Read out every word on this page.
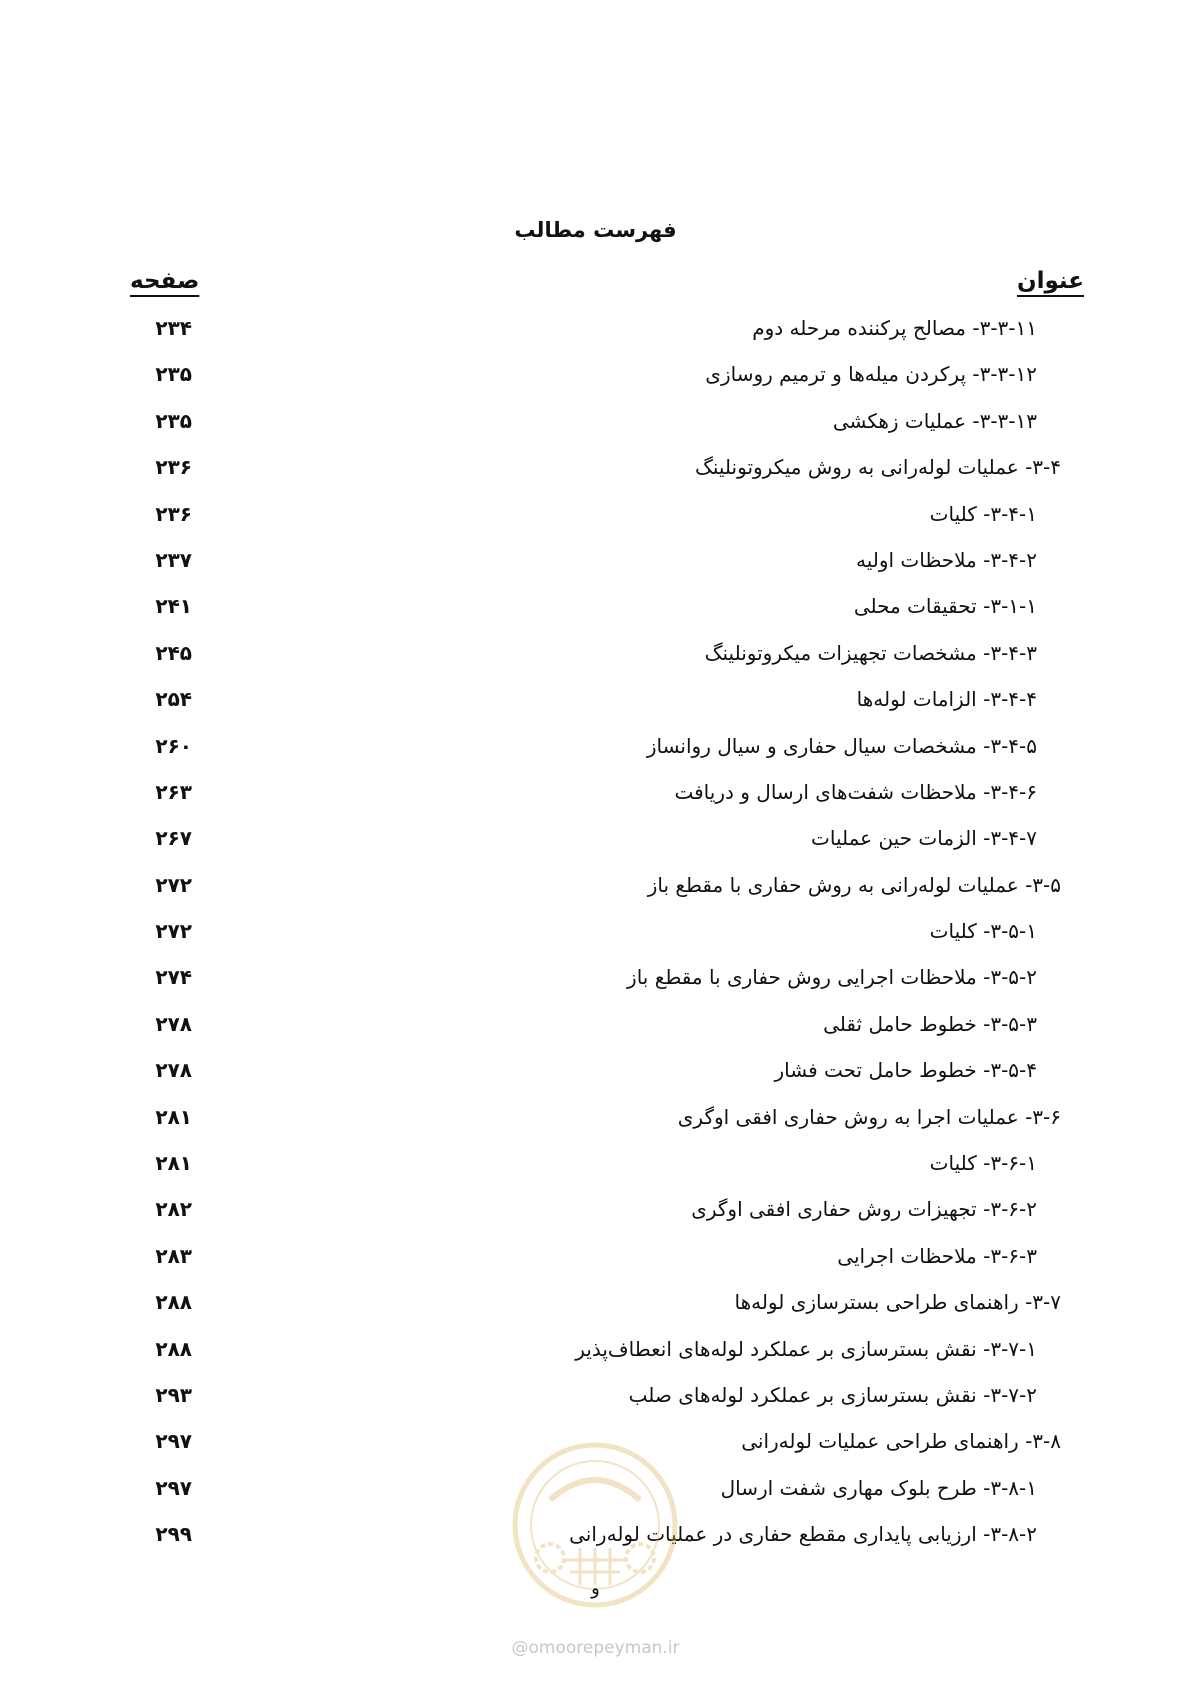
فهرست مطالب
عنوان
صفحه
۳-۳-۱۱- مصالح پرکننده مرحله دوم
۲۳۴
۳-۳-۱۲- پرکردن میله‌ها و ترمیم روسازی
۲۳۵
۳-۳-۱۳- عملیات زهکشی
۲۳۵
۳-۴- عملیات لوله‌رانی به روش میکروتونلینگ
۲۳۶
۳-۴-۱- کلیات
۲۳۶
۳-۴-۲- ملاحظات اولیه
۲۳۷
۳-۱-۱- تحقیقات محلی
۲۴۱
۳-۴-۳- مشخصات تجهیزات میکروتونلینگ
۲۴۵
۳-۴-۴- الزامات لوله‌ها
۲۵۴
۳-۴-۵- مشخصات سیال حفاری و سیال روانساز
۲۶۰
۳-۴-۶- ملاحظات شفت‌های ارسال و دریافت
۲۶۳
۳-۴-۷- الزمات حین عملیات
۲۶۷
۳-۵- عملیات لوله‌رانی به روش حفاری با مقطع باز
۲۷۲
۳-۵-۱- کلیات
۲۷۲
۳-۵-۲- ملاحظات اجرایی روش حفاری با مقطع باز
۲۷۴
۳-۵-۳- خطوط حامل ثقلی
۲۷۸
۳-۵-۴- خطوط حامل تحت فشار
۲۷۸
۳-۶- عملیات اجرا به روش حفاری افقی اوگری
۲۸۱
۳-۶-۱- کلیات
۲۸۱
۳-۶-۲- تجهیزات روش حفاری افقی اوگری
۲۸۲
۳-۶-۳- ملاحظات اجرایی
۲۸۳
۳-۷- راهنمای طراحی بسترسازی لوله‌ها
۲۸۸
۳-۷-۱- نقش بسترسازی بر عملکرد لوله‌های انعطاف‌پذیر
۲۸۸
۳-۷-۲- نقش بسترسازی بر عملکرد لوله‌های صلب
۲۹۳
۳-۸- راهنمای طراحی عملیات لوله‌رانی
۲۹۷
۳-۸-۱- طرح بلوک مهاری شفت ارسال
۲۹۷
۳-۸-۲- ارزیابی پایداری مقطع حفاری در عملیات لوله‌رانی
۲۹۹
و
@omoorepeyman.ir
